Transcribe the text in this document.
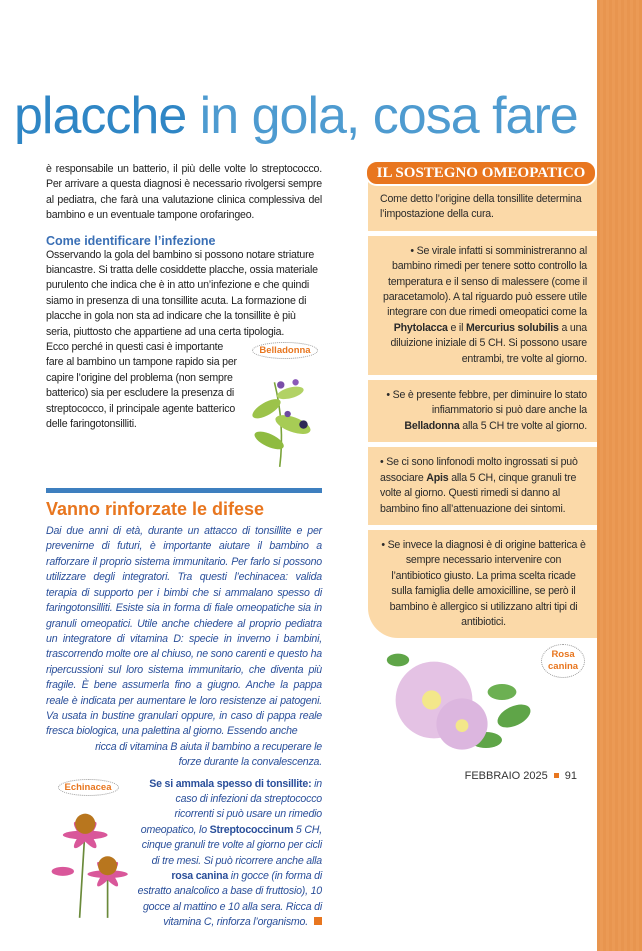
placche in gola, cosa fare

è responsabile un batterio, il più delle volte lo streptococco. Per arrivare a questa diagnosi è necessario rivolgersi sempre al pediatra, che farà una valutazione clinica complessiva del bambino e un eventuale tampone orofaringeo.

Come identificare l’infezione

Osservando la gola del bambino si possono notare striature biancastre. Si tratta delle cosiddette placche, ossia materiale purulento che indica che è in atto un’infezione e che quindi siamo in presenza di una tonsillite acuta. La formazione di placche in gola non sta ad indicare che la tonsillite è più seria, piuttosto che appartiene ad una certa tipologia.

Ecco perché in questi casi è importante fare al bambino un tampone rapido sia per capire l’origine del problema (non sempre batterico) sia per escludere la presenza di streptococco, il principale agente batterico delle faringotonsilliti.

Belladonna
Vanno rinforzate le difese

Dai due anni di età, durante un attacco di tonsillite e per prevenirne di futuri, è importante aiutare il bambino a rafforzare il proprio sistema immunitario. Per farlo si possono utilizzare degli integratori. Tra questi l’echinacea: valida terapia di supporto per i bimbi che si ammalano spesso di faringotonsilliti. Esiste sia in forma di fiale omeopatiche sia in granuli omeopatici. Utile anche chiedere al proprio pediatra un integratore di vitamina D: specie in inverno i bambini, trascorrendo molte ore al chiuso, ne sono carenti e questo ha ripercussioni sul loro sistema immunitario, che diventa più fragile. È bene assumerla fino a giugno. Anche la pappa reale è indicata per aumentare le loro resistenze ai patogeni. Va usata in bustine granulari oppure, in caso di pappa reale fresca biologica, una palettina al giorno. Essendo anche

ricca di vitamina B aiuta il bambino a recuperare le

forze durante la convalescenza.

Echinacea	Se si ammala spesso di tonsillite: in caso di infezioni da streptococco ricorrenti si può usare un rimedio omeopatico, lo Streptococcinum 5 CH, cinque granuli tre volte al giorno per cicli di tre mesi. Si può ricorrere anche alla rosa canina in gocce (in forma di estratto analcolico a base di fruttosio), 10 gocce al mattino e 10 alla sera. Ricca di vitamina C, rinforza l’organismo.

IL SOSTEGNO OMEOPATICO

Come detto l’origine della tonsillite determina l’impostazione della cura.

• Se virale infatti si somministreranno al bambino rimedi per tenere sotto controllo la temperatura e il senso di malessere (come il paracetamolo). A tal riguardo può essere utile integrare con due rimedi omeopatici come la Phytolacca e il Mercurius solubilis a una diluizione iniziale di 5 CH. Si possono usare entrambi, tre volte al giorno.

• Se è presente febbre, per diminuire lo stato infiammatorio si può dare anche la Belladonna alla 5 CH tre volte al giorno.

• Se ci sono linfonodi molto ingrossati si può associare Apis alla 5 CH, cinque granuli tre volte al giorno. Questi rimedi si danno al bambino fino all’attenuazione dei sintomi.

• Se invece la diagnosi è di origine batterica è sempre necessario intervenire con l’antibiotico giusto. La prima scelta ricade sulla famiglia delle amoxicilline, se però il bambino è allergico si utilizzano altri tipi di antibiotici.

Rosa
canina
FEBBRAIO 2025 91
